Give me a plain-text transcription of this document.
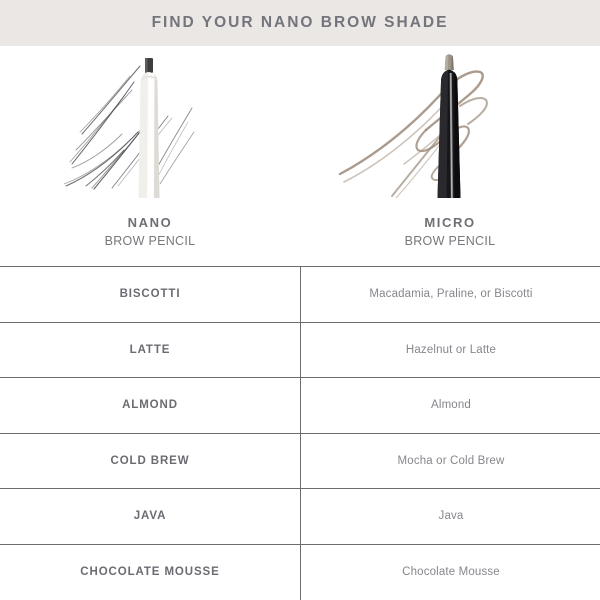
FIND YOUR NANO BROW SHADE
NANO
BROW PENCIL
MICRO
BROW PENCIL
BISCOTTI	Macadamia, Praline, or Biscotti
LATTE	Hazelnut or Latte
ALMOND	Almond
COLD BREW	Mocha or Cold Brew
JAVA	Java
CHOCOLATE MOUSSE	Chocolate Mousse
